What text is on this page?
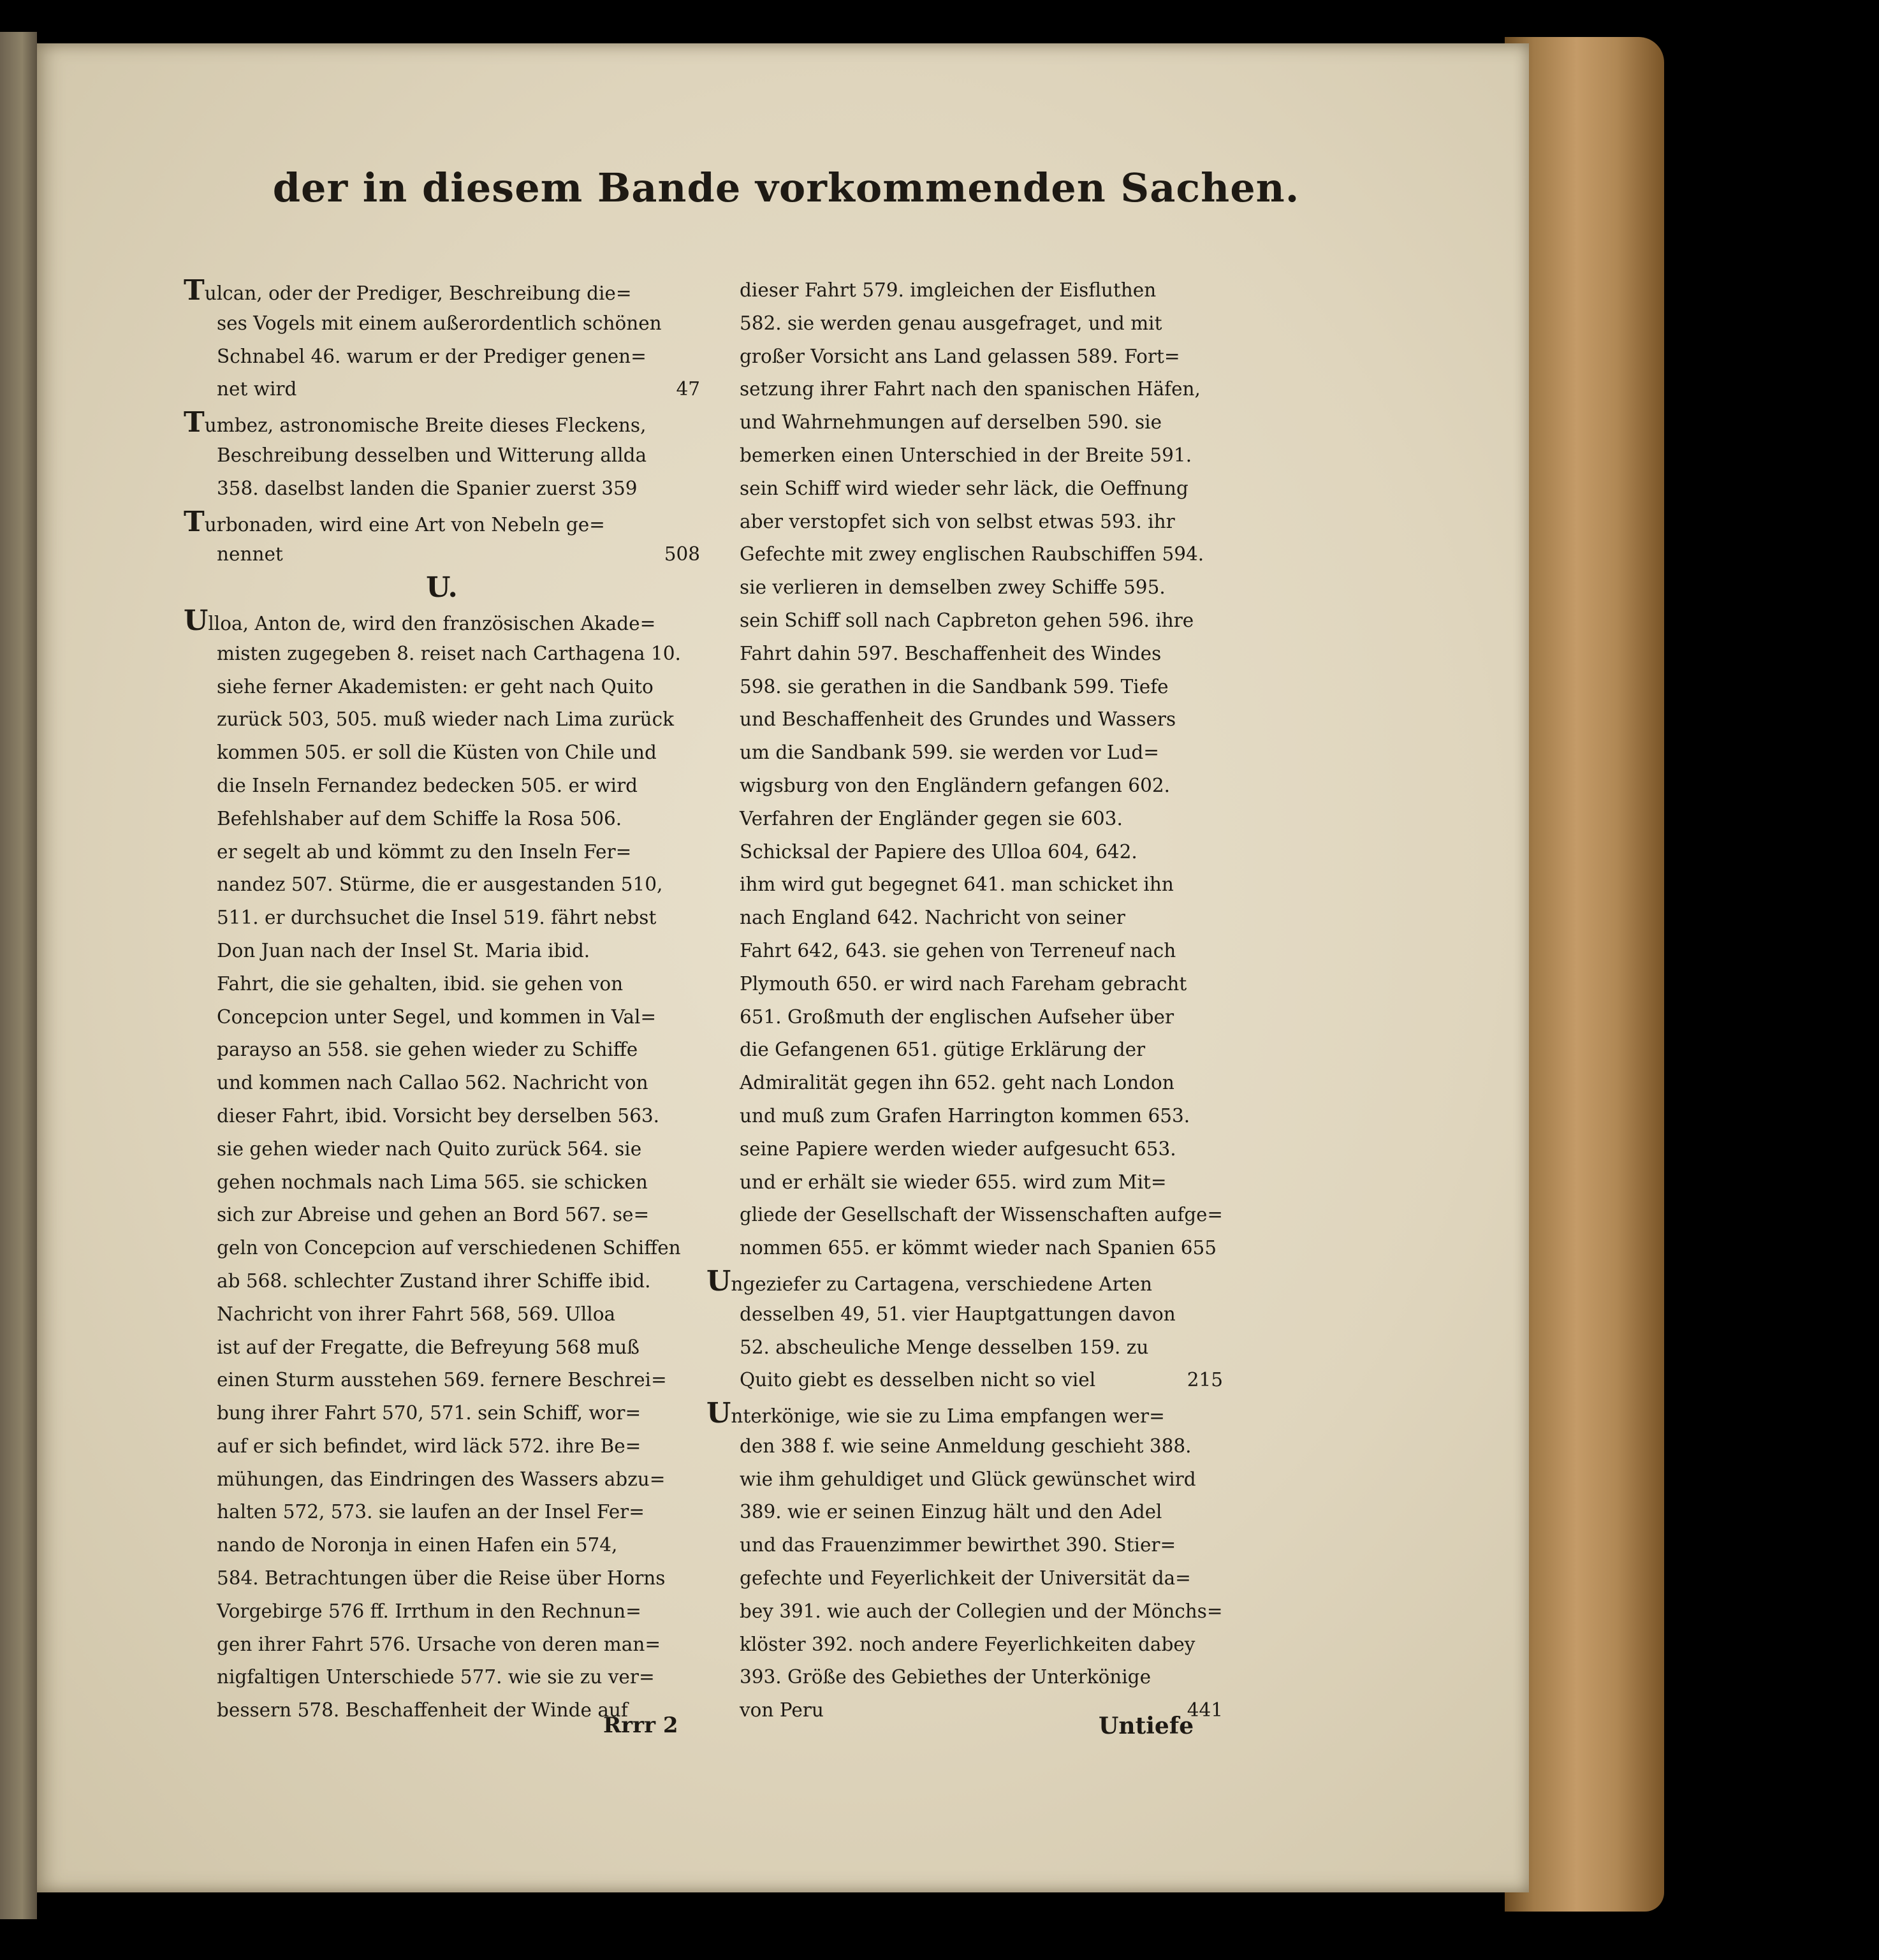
der in diesem Bande vorkommenden Sachen.
Tulcan, oder der Prediger, Beschreibung die=
ses Vogels mit einem außerordentlich schönen
Schnabel 46. warum er der Prediger genen=
net wird	47
Tumbez, astronomische Breite dieses Fleckens,
Beschreibung desselben und Witterung allda
358. daselbst landen die Spanier zuerst 359
Turbonaden, wird eine Art von Nebeln ge=
nennet	508
U.
Ulloa, Anton de, wird den französischen Akade=
misten zugegeben 8. reiset nach Carthagena 10.
siehe ferner Akademisten: er geht nach Quito
zurück 503, 505. muß wieder nach Lima zurück
kommen 505. er soll die Küsten von Chile und
die Inseln Fernandez bedecken 505. er wird
Befehlshaber auf dem Schiffe la Rosa 506.
er segelt ab und kömmt zu den Inseln Fer=
nandez 507. Stürme, die er ausgestanden 510,
511. er durchsuchet die Insel 519. fährt nebst
Don Juan nach der Insel St. Maria ibid.
Fahrt, die sie gehalten, ibid. sie gehen von
Concepcion unter Segel, und kommen in Val=
parayso an 558. sie gehen wieder zu Schiffe
und kommen nach Callao 562. Nachricht von
dieser Fahrt, ibid. Vorsicht bey derselben 563.
sie gehen wieder nach Quito zurück 564. sie
gehen nochmals nach Lima 565. sie schicken
sich zur Abreise und gehen an Bord 567. se=
geln von Concepcion auf verschiedenen Schiffen
ab 568. schlechter Zustand ihrer Schiffe ibid.
Nachricht von ihrer Fahrt 568, 569. Ulloa
ist auf der Fregatte, die Befreyung 568 muß
einen Sturm ausstehen 569. fernere Beschrei=
bung ihrer Fahrt 570, 571. sein Schiff, wor=
auf er sich befindet, wird läck 572. ihre Be=
mühungen, das Eindringen des Wassers abzu=
halten 572, 573. sie laufen an der Insel Fer=
nando de Noronja in einen Hafen ein 574,
584. Betrachtungen über die Reise über Horns
Vorgebirge 576 ff. Irrthum in den Rechnun=
gen ihrer Fahrt 576. Ursache von deren man=
nigfaltigen Unterschiede 577. wie sie zu ver=
bessern 578. Beschaffenheit der Winde auf
dieser Fahrt 579. imgleichen der Eisfluthen
582. sie werden genau ausgefraget, und mit
großer Vorsicht ans Land gelassen 589. Fort=
setzung ihrer Fahrt nach den spanischen Häfen,
und Wahrnehmungen auf derselben 590. sie
bemerken einen Unterschied in der Breite 591.
sein Schiff wird wieder sehr läck, die Oeffnung
aber verstopfet sich von selbst etwas 593. ihr
Gefechte mit zwey englischen Raubschiffen 594.
sie verlieren in demselben zwey Schiffe 595.
sein Schiff soll nach Capbreton gehen 596. ihre
Fahrt dahin 597. Beschaffenheit des Windes
598. sie gerathen in die Sandbank 599. Tiefe
und Beschaffenheit des Grundes und Wassers
um die Sandbank 599. sie werden vor Lud=
wigsburg von den Engländern gefangen 602.
Verfahren der Engländer gegen sie 603.
Schicksal der Papiere des Ulloa 604, 642.
ihm wird gut begegnet 641. man schicket ihn
nach England 642. Nachricht von seiner
Fahrt 642, 643. sie gehen von Terreneuf nach
Plymouth 650. er wird nach Fareham gebracht
651. Großmuth der englischen Aufseher über
die Gefangenen 651. gütige Erklärung der
Admiralität gegen ihn 652. geht nach London
und muß zum Grafen Harrington kommen 653.
seine Papiere werden wieder aufgesucht 653.
und er erhält sie wieder 655. wird zum Mit=
gliede der Gesellschaft der Wissenschaften aufge=
nommen 655. er kömmt wieder nach Spanien 655
Ungeziefer zu Cartagena, verschiedene Arten
desselben 49, 51. vier Hauptgattungen davon
52. abscheuliche Menge desselben 159. zu
Quito giebt es desselben nicht so viel	215
Unterkönige, wie sie zu Lima empfangen wer=
den 388 f. wie seine Anmeldung geschieht 388.
wie ihm gehuldiget und Glück gewünschet wird
389. wie er seinen Einzug hält und den Adel
und das Frauenzimmer bewirthet 390. Stier=
gefechte und Feyerlichkeit der Universität da=
bey 391. wie auch der Collegien und der Mönchs=
klöster 392. noch andere Feyerlichkeiten dabey
393. Größe des Gebiethes der Unterkönige
von Peru	441
Rrrr 2	Untiefe
